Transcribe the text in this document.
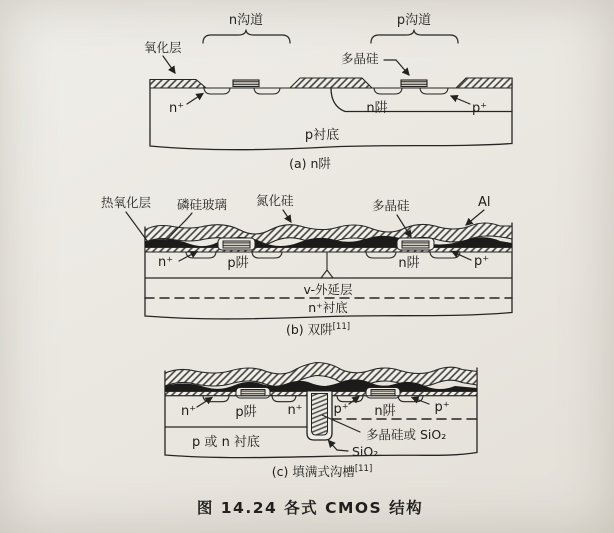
n沟道	p沟道
氧化层
多晶硅
n⁺	n阱	p⁺
p衬底
(a) n阱
热氧化层 磷硅玻璃 氮化硅	多晶硅	Al
n⁺	p阱	n阱	p⁺
v-外延层
n⁺衬底
(b) 双阱[11]
n⁺	p阱 n⁺ p⁺ n阱	p⁺
p 或 n 衬底
多晶硅或 SiO₂
SiO₂
(c) 填满式沟槽[11]
图 14.24 各式 CMOS 结构
